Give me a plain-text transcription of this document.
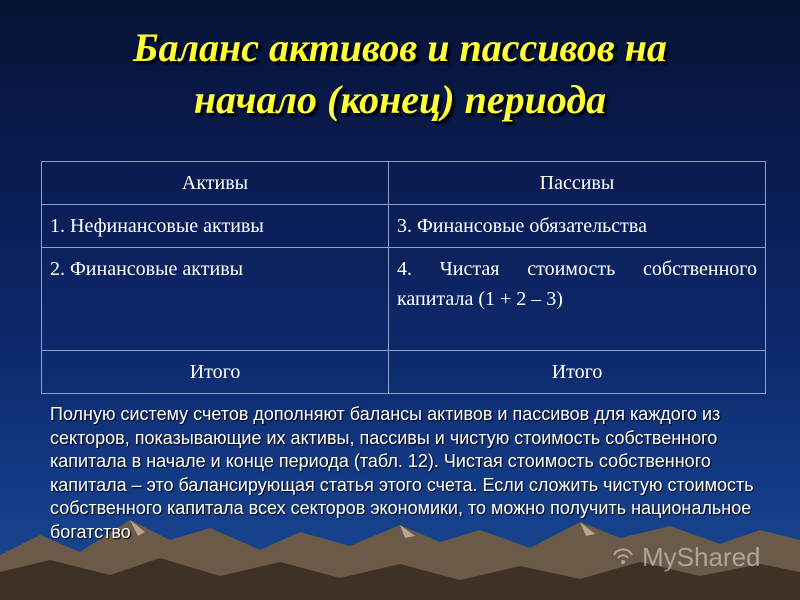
Баланс активов и пассивов на
начало (конец) периода
Активы	Пассивы
1. Нефинансовые активы	3. Финансовые обязательства
2. Финансовые активы	4. Чистая стоимость собственного капитала (1 + 2 – 3)
Итого	Итого
Полную систему счетов дополняют балансы активов и пассивов для каждого из секторов, показывающие их активы, пассивы и чистую стоимость собственного капитала в начале и конце периода (табл. 12). Чистая стоимость собственного капитала – это балансирующая статья этого счета. Если сложить чистую стоимость собственного капитала всех секторов экономики, то можно получить национальное богатство
MyShared
